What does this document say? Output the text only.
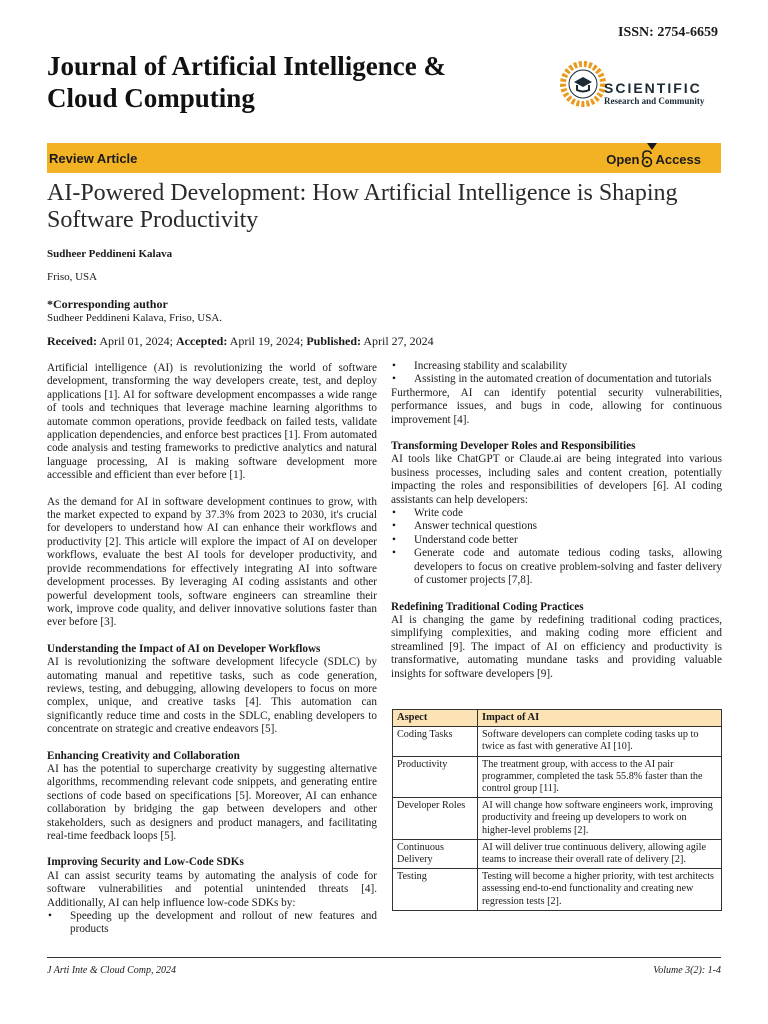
ISSN: 2754-6659
Journal of Artificial Intelligence &
Cloud Computing	SCIENTIFIC
Research and Community
Review Article	Open Access
AI-Powered Development: How Artificial Intelligence is Shaping Software Productivity
Sudheer Peddineni Kalava
Friso, USA
*Corresponding author
Sudheer Peddineni Kalava, Friso, USA.
Received: April 01, 2024; Accepted: April 19, 2024; Published: April 27, 2024

Artificial intelligence (AI) is revolutionizing the world of software development, transforming the way developers create, test, and deploy applications [1]. AI for software development encompasses a wide range of tools and techniques that leverage machine learning algorithms to automate common operations, provide feedback on failed tests, validate application dependencies, and enforce best practices [1]. From automated code analysis and testing frameworks to predictive analytics and natural language processing, AI is making software development more accessible and efficient than ever before [1].

As the demand for AI in software development continues to grow, with the market expected to expand by 37.3% from 2023 to 2030, it's crucial for developers to understand how AI can enhance their workflows and productivity [2]. This article will explore the impact of AI on developer workflows, evaluate the best AI tools for developer productivity, and provide recommendations for effectively integrating AI into software development processes. By leveraging AI coding assistants and other powerful development tools, software engineers can streamline their work, improve code quality, and deliver innovative solutions faster than ever before [3].

Understanding the Impact of AI on Developer Workflows

AI is revolutionizing the software development lifecycle (SDLC) by automating manual and repetitive tasks, such as code generation, reviews, testing, and debugging, allowing developers to focus on more complex, unique, and creative tasks [4]. This automation can significantly reduce time and costs in the SDLC, enabling developers to concentrate on strategic and creative endeavors [5].

Enhancing Creativity and Collaboration

AI has the potential to supercharge creativity by suggesting alternative algorithms, recommending relevant code snippets, and generating entire sections of code based on specifications [5]. Moreover, AI can enhance collaboration by bridging the gap between developers and other stakeholders, such as designers and product managers, and facilitating real-time feedback loops [5].

Improving Security and Low-Code SDKs

AI can assist security teams by automating the analysis of code for software vulnerabilities and potential unintended threats [4]. Additionally, AI can help influence low-code SDKs by:

• Speeding up the development and rollout of new features and products
• Increasing stability and scalability
• Assisting in the automated creation of documentation and tutorials

Furthermore, AI can identify potential security vulnerabilities, performance issues, and bugs in code, allowing for continuous improvement [4].

Transforming Developer Roles and Responsibilities

AI tools like ChatGPT or Claude.ai are being integrated into various business processes, including sales and content creation, potentially impacting the roles and responsibilities of developers [6]. AI coding assistants can help developers:

• Write code
• Answer technical questions
• Understand code better
• Generate code and automate tedious coding tasks, allowing developers to focus on creative problem-solving and faster delivery of customer projects [7,8].
Redefining Traditional Coding Practices

AI is changing the game by redefining traditional coding practices, simplifying complexities, and making coding more efficient and streamlined [9]. The impact of AI on efficiency and productivity is transformative, automating mundane tasks and providing valuable insights for software developers [9].

Aspect	Impact of AI
Coding Tasks	Software developers can complete coding tasks up to twice as fast with generative AI [10].
Productivity	The treatment group, with access to the AI pair programmer, completed the task 55.8% faster than the control group [11].
Developer Roles	AI will change how software engineers work, improving productivity and freeing up developers to work on higher-level problems [2].
Continuous Delivery	AI will deliver true continuous delivery, allowing agile teams to increase their overall rate of delivery [2].
Testing	Testing will become a higher priority, with test architects assessing end-to-end functionality and creating new regression tests [2].
J Arti Inte & Cloud Comp, 2024	Volume 3(2): 1-4
